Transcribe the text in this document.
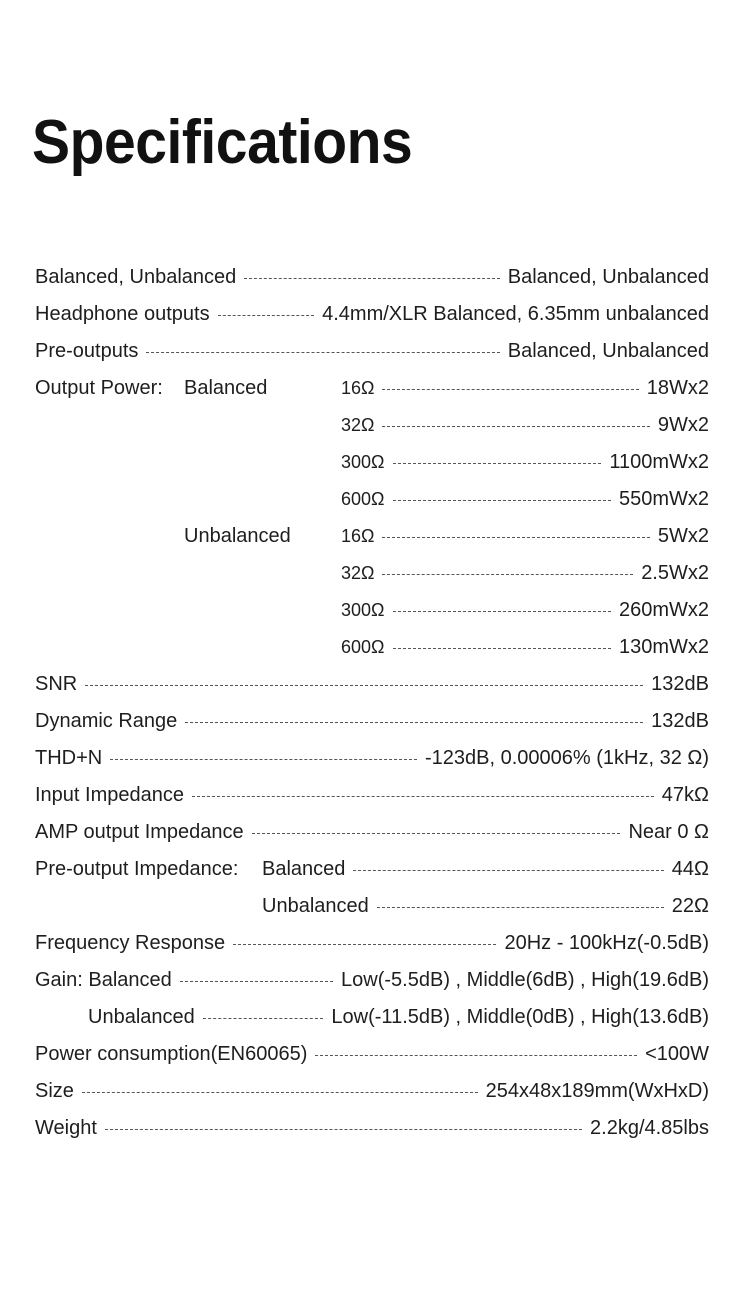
Specifications
Balanced, Unbalanced	Balanced, Unbalanced
Headphone outputs	4.4mm/XLR Balanced, 6.35mm unbalanced
Pre-outputs	Balanced, Unbalanced
Output Power: Balanced	16Ω	18Wx2
32Ω	9Wx2
300Ω	1100mWx2
600Ω	550mWx2
Unbalanced	16Ω	5Wx2
32Ω	2.5Wx2
300Ω	260mWx2
600Ω	130mWx2
SNR	132dB
Dynamic Range	132dB
THD+N	-123dB, 0.00006% (1kHz, 32 Ω)
Input Impedance	47kΩ
AMP output Impedance	Near 0 Ω
Pre-output Impedance: Balanced	44Ω
Unbalanced	22Ω
Frequency Response	20Hz - 100kHz(-0.5dB)
Gain: Balanced	Low(-5.5dB) , Middle(6dB) , High(19.6dB)
Unbalanced	Low(-11.5dB) , Middle(0dB) , High(13.6dB)
Power consumption(EN60065)	<100W
Size	254x48x189mm(WxHxD)
Weight	2.2kg/4.85lbs
